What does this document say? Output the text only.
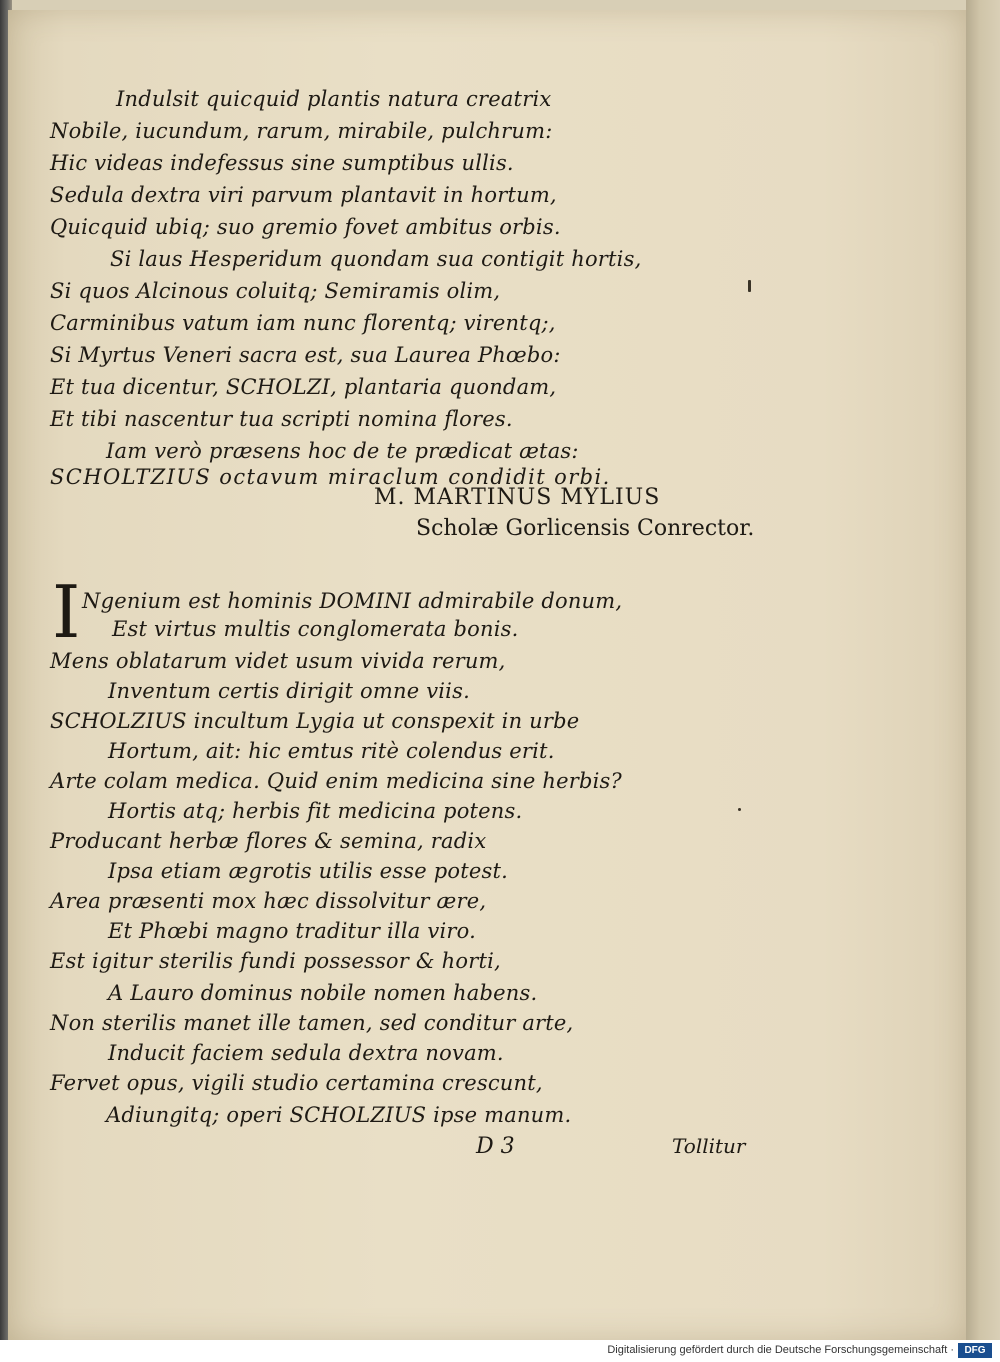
Indulsit quicquid plantis natura creatrix
Nobile, iucundum, rarum, mirabile, pulchrum:
Hic videas indefessus sine sumptibus ullis.
Sedula dextra viri parvum plantavit in hortum,
Quicquid ubiq; suo gremio fovet ambitus orbis.
Si laus Hesperidum quondam sua contigit hortis,
Si quos Alcinous coluitq; Semiramis olim,
Carminibus vatum iam nunc florentq; virentq;,
Si Myrtus Veneri sacra est, sua Laurea Phœbo:
Et tua dicentur, SCHOLZI, plantaria quondam,
Et tibi nascentur tua scripti nomina flores.
Iam verò præsens hoc de te prædicat ætas:
SCHOLTZIUS octavum miraclum condidit orbi.
M. MARTINUS MYLIUS
Scholæ Gorlicensis Conrector.
I Ngenium est hominis DOMINI admirabile donum,
Est virtus multis conglomerata bonis.
Mens oblatarum videt usum vivida rerum,
Inventum certis dirigit omne viis.
SCHOLZIUS incultum Lygia ut conspexit in urbe
Hortum, ait: hic emtus ritè colendus erit.
Arte colam medica. Quid enim medicina sine herbis?
Hortis atq; herbis fit medicina potens.
Producant herbæ flores & semina, radix
Ipsa etiam ægrotis utilis esse potest.
Area præsenti mox hæc dissolvitur ære,
Et Phœbi magno traditur illa viro.
Est igitur sterilis fundi possessor & horti,
A Lauro dominus nobile nomen habens.
Non sterilis manet ille tamen, sed conditur arte,
Inducit faciem sedula dextra novam.
Fervet opus, vigili studio certamina crescunt,
Adiungitq; operi SCHOLZIUS ipse manum.
D 3	Tollitur
Digitalisierung gefördert durch die Deutsche Forschungsgemeinschaft ·	DFG
